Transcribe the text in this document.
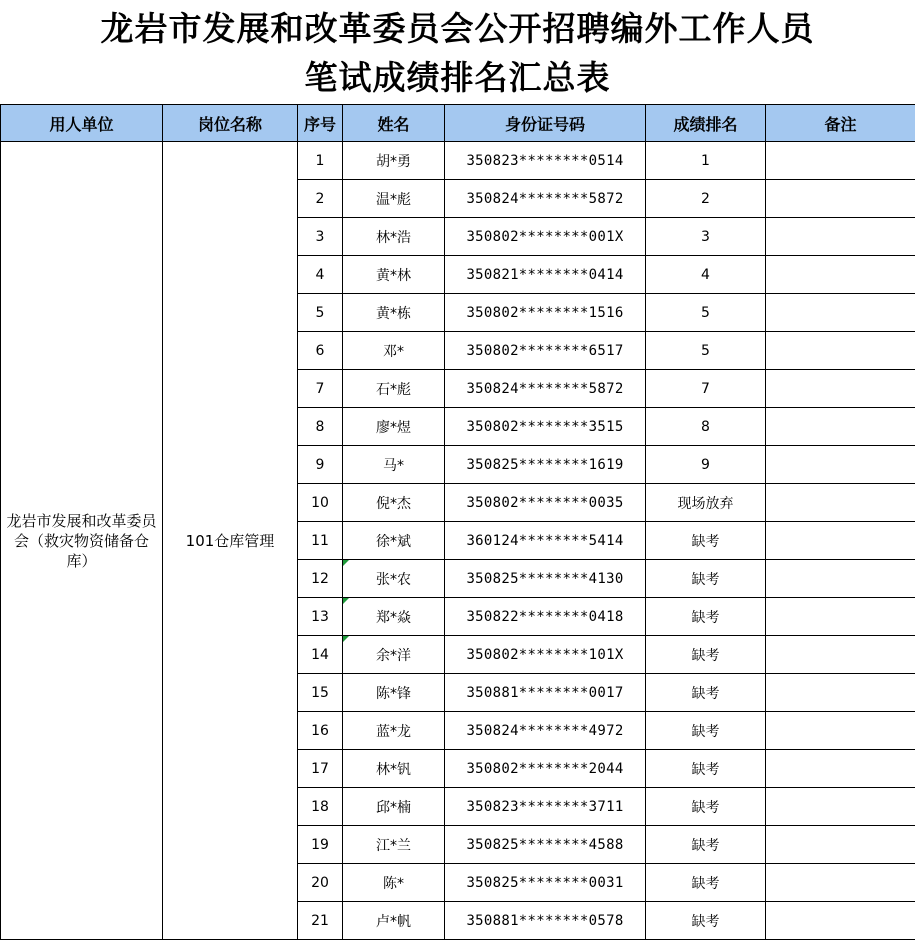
龙岩市发展和改革委员会公开招聘编外工作人员
笔试成绩排名汇总表
用人单位	岗位名称	序号	姓名	身份证号码	成绩排名	备注
龙岩市发展和改革委员会（救灾物资储备仓库）	101仓库管理	1	胡*勇	350823********0514	1	
		2	温*彪	350824********5872	2	
		3	林*浩	350802********001X	3	
		4	黄*林	350821********0414	4	
		5	黄*栋	350802********1516	5	
		6	邓*	350802********6517	5	
		7	石*彪	350824********5872	7	
		8	廖*煜	350802********3515	8	
		9	马*	350825********1619	9	
		10	倪*杰	350802********0035	现场放弃	
		11	徐*斌	360124********5414	缺考	
		12	张*农	350825********4130	缺考	
		13	郑*焱	350822********0418	缺考	
		14	余*洋	350802********101X	缺考	
		15	陈*锋	350881********0017	缺考	
		16	蓝*龙	350824********4972	缺考	
		17	林*钒	350802********2044	缺考	
		18	邱*楠	350823********3711	缺考	
		19	江*兰	350825********4588	缺考	
		20	陈*	350825********0031	缺考	
		21	卢*帆	350881********0578	缺考	
